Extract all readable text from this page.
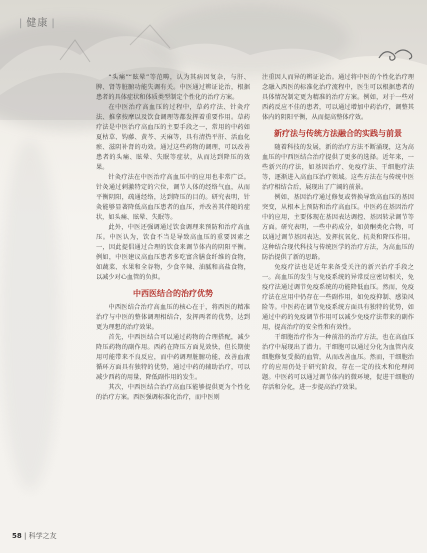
| 健康 |

“头痛”“眩晕”等范畴，认为其病因复杂，与肝、脾、肾等脏腑功能失调有关。中医通过辨证论治，根据患者的具体症状和体质类型制定个性化的治疗方案。

在中医治疗高血压的过程中，草药疗法、针灸疗法、推拿按摩以及饮食调理等都发挥着重要作用。草药疗法是中医治疗高血压的主要手段之一，常用的中药如夏枯草、钩藤、黄芩、天麻等，具有清热平肝、活血化瘀、滋阴补肾的功效。通过这些药物的调理，可以改善患者的头痛、眩晕、失眠等症状，从而达到降压的效果。

针灸疗法在中医治疗高血压中的应用也非常广泛。针灸通过刺激特定的穴位，调节人体的经络气血，从而平衡阴阳，疏通经络，达到降压的目的。研究表明，针灸能够显著降低高血压患者的血压，并改善其伴随的症状，如头痛、眩晕、失眠等。

此外，中医还强调通过饮食调理来预防和治疗高血压。中医认为，饮食不当是导致高血压的重要因素之一，因此提倡通过合理的饮食来调节体内的阴阳平衡。例如，中医建议高血压患者多吃富含膳食纤维的食物，如蔬菜、水果和全谷物，少食辛辣、油腻和高盐食物，以减少对心血管的负担。

中西医结合的治疗优势

中西医结合治疗高血压的核心在于，将西医的精准治疗与中医的整体调理相结合，发挥两者的优势，达到更为理想的治疗效果。

首先，中西医结合可以通过药物的合理搭配，减少降压药物的副作用。西药在降压方面见效快，但长期使用可能带来不良反应，而中药调理脏腑功能，改善血液循环方面具有独特的优势，通过中药的辅助治疗，可以减少西药的用量，降低副作用的发生。

其次，中西医结合治疗高血压能够提供更为个性化的治疗方案。西医强调标准化治疗，而中医则

注重因人而异的辨证论治。通过将中医的个性化治疗理念融入西医的标准化治疗流程中，医生可以根据患者的具体情况制定更为精准的治疗方案。例如，对于一些对西药反应不佳的患者，可以通过增加中药治疗，调整其体内的阴阳平衡，从而提高整体疗效。

新疗法与传统方法融合的实践与前景

随着科技的发展，新的治疗方法不断涌现，这为高血压的中西医结合治疗提供了更多的选择。近年来，一些新兴的疗法，如基因治疗、免疫疗法、干细胞疗法等，逐渐进入高血压治疗领域。这些方法在与传统中医治疗相结合后，展现出了广阔的前景。

例如，基因治疗通过修复或替换导致高血压的基因突变，从根本上预防和治疗高血压。中医药在基因治疗中的应用，主要体现在基因表达调控、基因转录调节等方面。研究表明，一些中药成分，如黄酮类化合物，可以通过调节基因表达，发挥抗氧化、抗炎和降压作用。这种结合现代科技与传统医学的治疗方法，为高血压的防治提供了新的思路。

免疫疗法也是近年来备受关注的新兴治疗手段之一。高血压的发生与免疫系统的异常反应密切相关，免疫疗法通过调节免疫系统的功能降低血压。然而，免疫疗法在应用中仍存在一些副作用，如免疫抑制、感染风险等。中医药在调节免疫系统方面具有独特的优势，如通过中药的免疫调节作用可以减少免疫疗法带来的副作用，提高治疗的安全性和有效性。

干细胞治疗作为一种前沿的治疗方法，也在高血压治疗中展现出了潜力。干细胞可以通过分化为血管内皮细胞修复受损的血管，从而改善血压。然而，干细胞治疗的应用仍处于研究阶段，存在一定的技术和伦理问题。中医药可以通过调节体内的微环境，促进干细胞的存活和分化，进一步提高治疗效果。

58 | 科学之友
